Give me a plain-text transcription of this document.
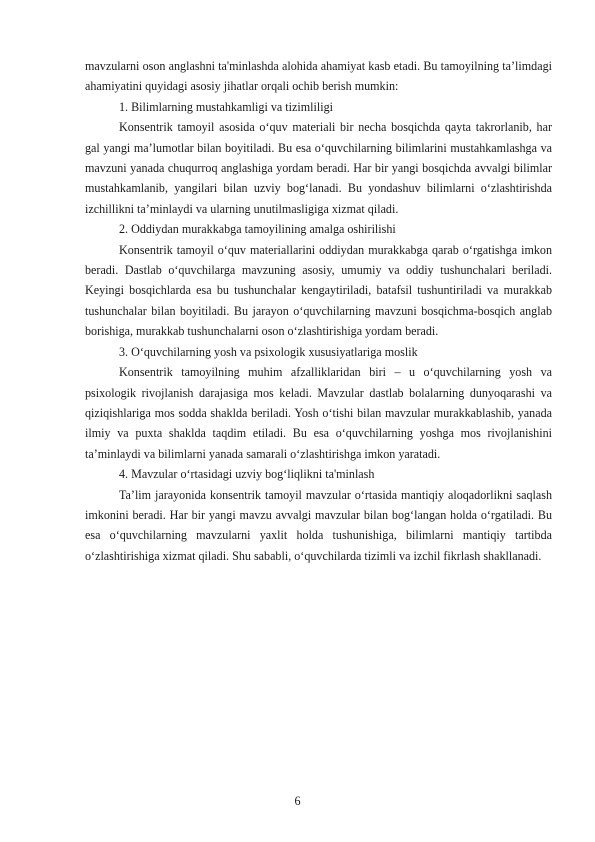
mavzularni oson anglashni ta'minlashda alohida ahamiyat kasb etadi. Bu tamoyilning ta’limdagi ahamiyatini quyidagi asosiy jihatlar orqali ochib berish mumkin:

1. Bilimlarning mustahkamligi va tizimliligi

Konsentrik tamoyil asosida o‘quv materiali bir necha bosqichda qayta takrorlanib, har gal yangi ma’lumotlar bilan boyitiladi. Bu esa o‘quvchilarning bilimlarini mustahkamlashga va mavzuni yanada chuqurroq anglashiga yordam beradi. Har bir yangi bosqichda avvalgi bilimlar mustahkamlanib, yangilari bilan uzviy bog‘lanadi. Bu yondashuv bilimlarni o‘zlashtirishda izchillikni ta’minlaydi va ularning unutilmasligiga xizmat qiladi.

2. Oddiydan murakkabga tamoyilining amalga oshirilishi

Konsentrik tamoyil o‘quv materiallarini oddiydan murakkabga qarab o‘rgatishga imkon beradi. Dastlab o‘quvchilarga mavzuning asosiy, umumiy va oddiy tushunchalari beriladi. Keyingi bosqichlarda esa bu tushunchalar kengaytiriladi, batafsil tushuntiriladi va murakkab tushunchalar bilan boyitiladi. Bu jarayon o‘quvchilarning mavzuni bosqichma-bosqich anglab borishiga, murakkab tushunchalarni oson o‘zlashtirishiga yordam beradi.

3. O‘quvchilarning yosh va psixologik xususiyatlariga moslik

Konsentrik tamoyilning muhim afzalliklaridan biri – u o‘quvchilarning yosh va psixologik rivojlanish darajasiga mos keladi. Mavzular dastlab bolalarning dunyoqarashi va qiziqishlariga mos sodda shaklda beriladi. Yosh o‘tishi bilan mavzular murakkablashib, yanada ilmiy va puxta shaklda taqdim etiladi. Bu esa o‘quvchilarning yoshga mos rivojlanishini ta’minlaydi va bilimlarni yanada samarali o‘zlashtirishga imkon yaratadi.

4. Mavzular o‘rtasidagi uzviy bog‘liqlikni ta'minlash

Ta’lim jarayonida konsentrik tamoyil mavzular o‘rtasida mantiqiy aloqadorlikni saqlash imkonini beradi. Har bir yangi mavzu avvalgi mavzular bilan bog‘langan holda o‘rgatiladi. Bu esa o‘quvchilarning mavzularni yaxlit holda tushunishiga, bilimlarni mantiqiy tartibda o‘zlashtirishiga xizmat qiladi. Shu sababli, o‘quvchilarda tizimli va izchil fikrlash shakllanadi.

6
